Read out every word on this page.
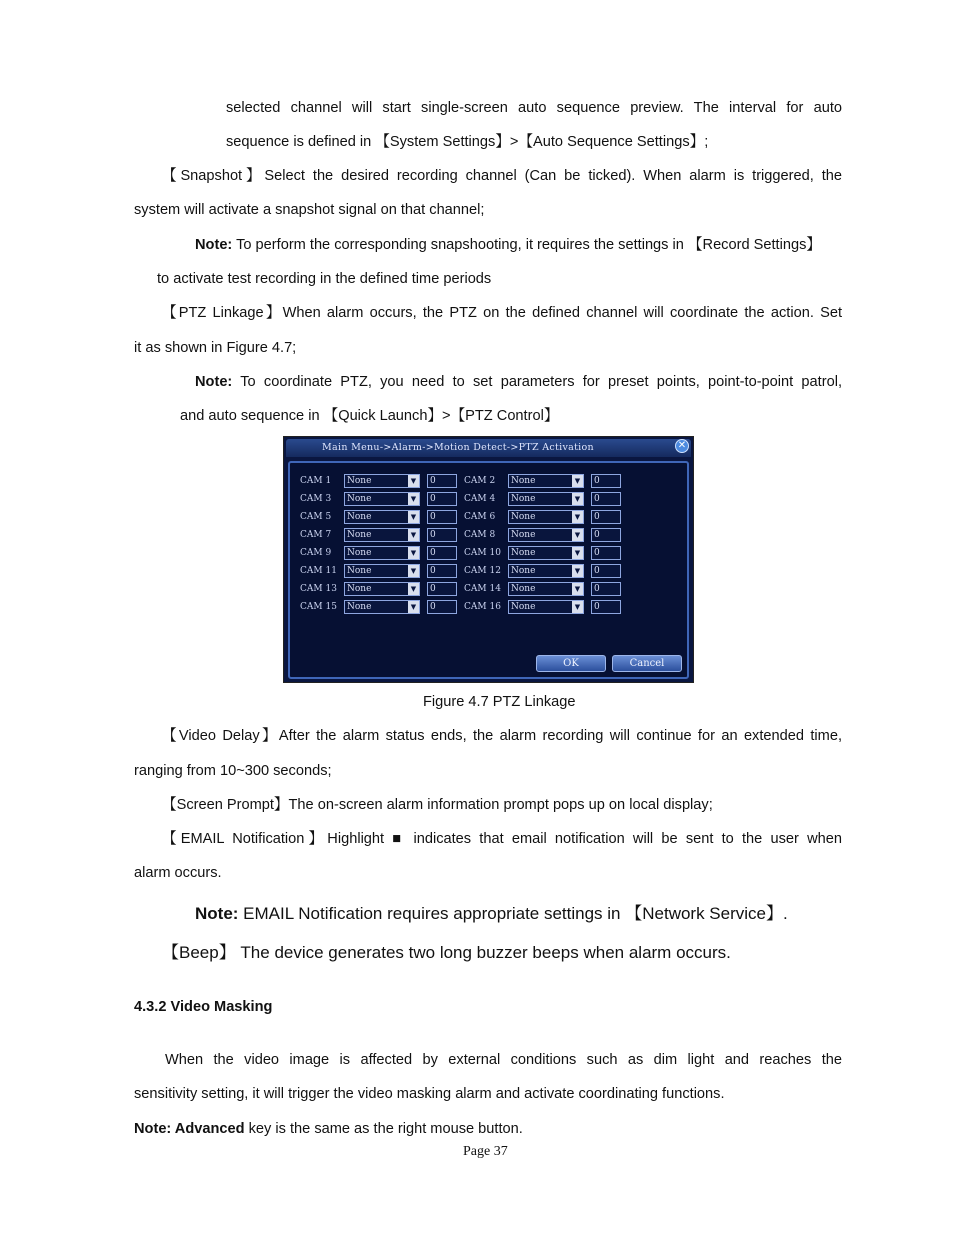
selected channel will start single-screen auto sequence preview. The interval for auto
sequence is defined in 【System Settings】>【Auto Sequence Settings】;
【Snapshot】Select the desired recording channel (Can be ticked). When alarm is triggered, the
system will activate a snapshot signal on that channel;
Note: To perform the corresponding snapshooting, it requires the settings in 【Record Settings】
to activate test recording in the defined time periods
【PTZ Linkage】When alarm occurs, the PTZ on the defined channel will coordinate the action. Set
it as shown in Figure 4.7;
Note: To coordinate PTZ, you need to set parameters for preset points, point-to-point patrol,
and auto sequence in 【Quick Launch】>【PTZ Control】
Main Menu->Alarm->Motion Detect->PTZ Activation	✕
OK	Cancel
CAM 1	None	▼	0	CAM 2	None	▼	0
CAM 3	None	▼	0	CAM 4	None	▼	0
CAM 5	None	▼	0	CAM 6	None	▼	0
CAM 7	None	▼	0	CAM 8	None	▼	0
CAM 9	None	▼	0	CAM 10	None	▼	0
CAM 11	None	▼	0	CAM 12	None	▼	0
CAM 13	None	▼	0	CAM 14	None	▼	0
CAM 15	None	▼	0	CAM 16	None	▼	0
Figure 4.7 PTZ Linkage
【Video Delay】After the alarm status ends, the alarm recording will continue for an extended time,
ranging from 10~300 seconds;
【Screen Prompt】The on-screen alarm information prompt pops up on local display;
【EMAIL Notification】Highlight ■ indicates that email notification will be sent to the user when
alarm occurs.
Note: EMAIL Notification requires appropriate settings in 【Network Service】.
【Beep】 The device generates two long buzzer beeps when alarm occurs.
4.3.2 Video Masking
When the video image is affected by external conditions such as dim light and reaches the
sensitivity setting, it will trigger the video masking alarm and activate coordinating functions.
Note: Advanced key is the same as the right mouse button.
Page 37
